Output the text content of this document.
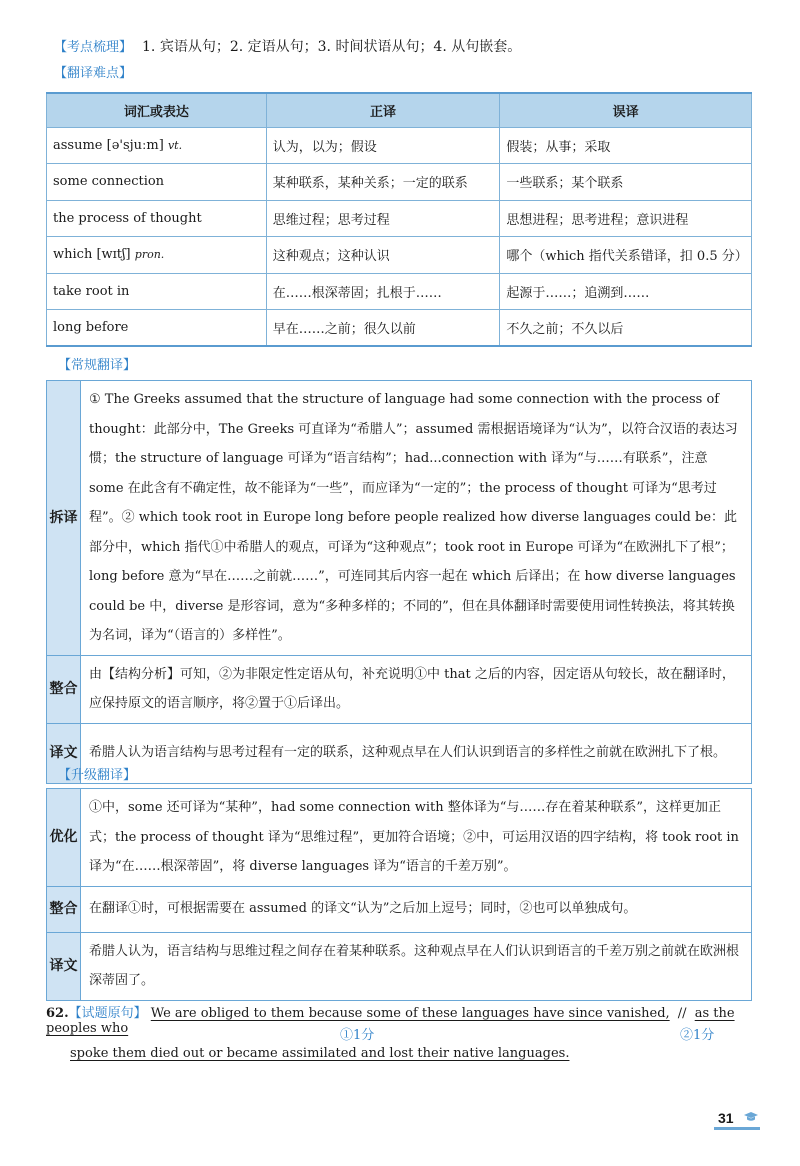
【考点梳理】 1. 宾语从句；2. 定语从句；3. 时间状语从句；4. 从句嵌套。
【翻译难点】
词汇或表达	正译	误译
assume [ə'sjuːm] vt.	认为，以为；假设	假装；从事；采取
some connection	某种联系，某种关系；一定的联系	一些联系；某个联系
the process of thought	思维过程；思考过程	思想进程；思考进程；意识进程
which [wɪtʃ] pron.	这种观点；这种认识	哪个（which 指代关系错译，扣 0.5 分）
take root in	在……根深蒂固；扎根于……	起源于……；追溯到……
long before	早在……之前；很久以前	不久之前；不久以后
【常规翻译】
拆译	① The Greeks assumed that the structure of language had some connection with the process of thought：此部分中，The Greeks 可直译为“希腊人”；assumed 需根据语境译为“认为”，以符合汉语的表达习惯；the structure of language 可译为“语言结构”；had...connection with 译为“与……有联系”，注意 some 在此含有不确定性，故不能译为“一些”，而应译为“一定的”；the process of thought 可译为“思考过程”。② which took root in Europe long before people realized how diverse languages could be：此部分中，which 指代①中希腊人的观点，可译为“这种观点”；took root in Europe 可译为“在欧洲扎下了根”；long before 意为“早在……之前就……”，可连同其后内容一起在 which 后译出；在 how diverse languages could be 中，diverse 是形容词，意为“多种多样的；不同的”，但在具体翻译时需要使用词性转换法，将其转换为名词，译为“（语言的）多样性”。
整合	由【结构分析】可知，②为非限定性定语从句，补充说明①中 that 之后的内容，因定语从句较长，故在翻译时，应保持原文的语言顺序，将②置于①后译出。
译文	希腊人认为语言结构与思考过程有一定的联系，这种观点早在人们认识到语言的多样性之前就在欧洲扎下了根。
【升级翻译】
优化	①中，some 还可译为“某种”，had some connection with 整体译为“与……存在着某种联系”，这样更加正式；the process of thought 译为“思维过程”，更加符合语境；②中，可运用汉语的四字结构，将 took root in 译为“在……根深蒂固”，将 diverse languages 译为“语言的千差万别”。
整合	在翻译①时，可根据需要在 assumed 的译文“认为”之后加上逗号；同时，②也可以单独成句。
译文	希腊人认为，语言结构与思维过程之间存在着某种联系。这种观点早在人们认识到语言的千差万别之前就在欧洲根深蒂固了。
62.【试题原句】 We are obliged to them because some of these languages have since vanished, // as the peoples who	①1分	②1分
spoke them died out or became assimilated and lost their native languages.
31
